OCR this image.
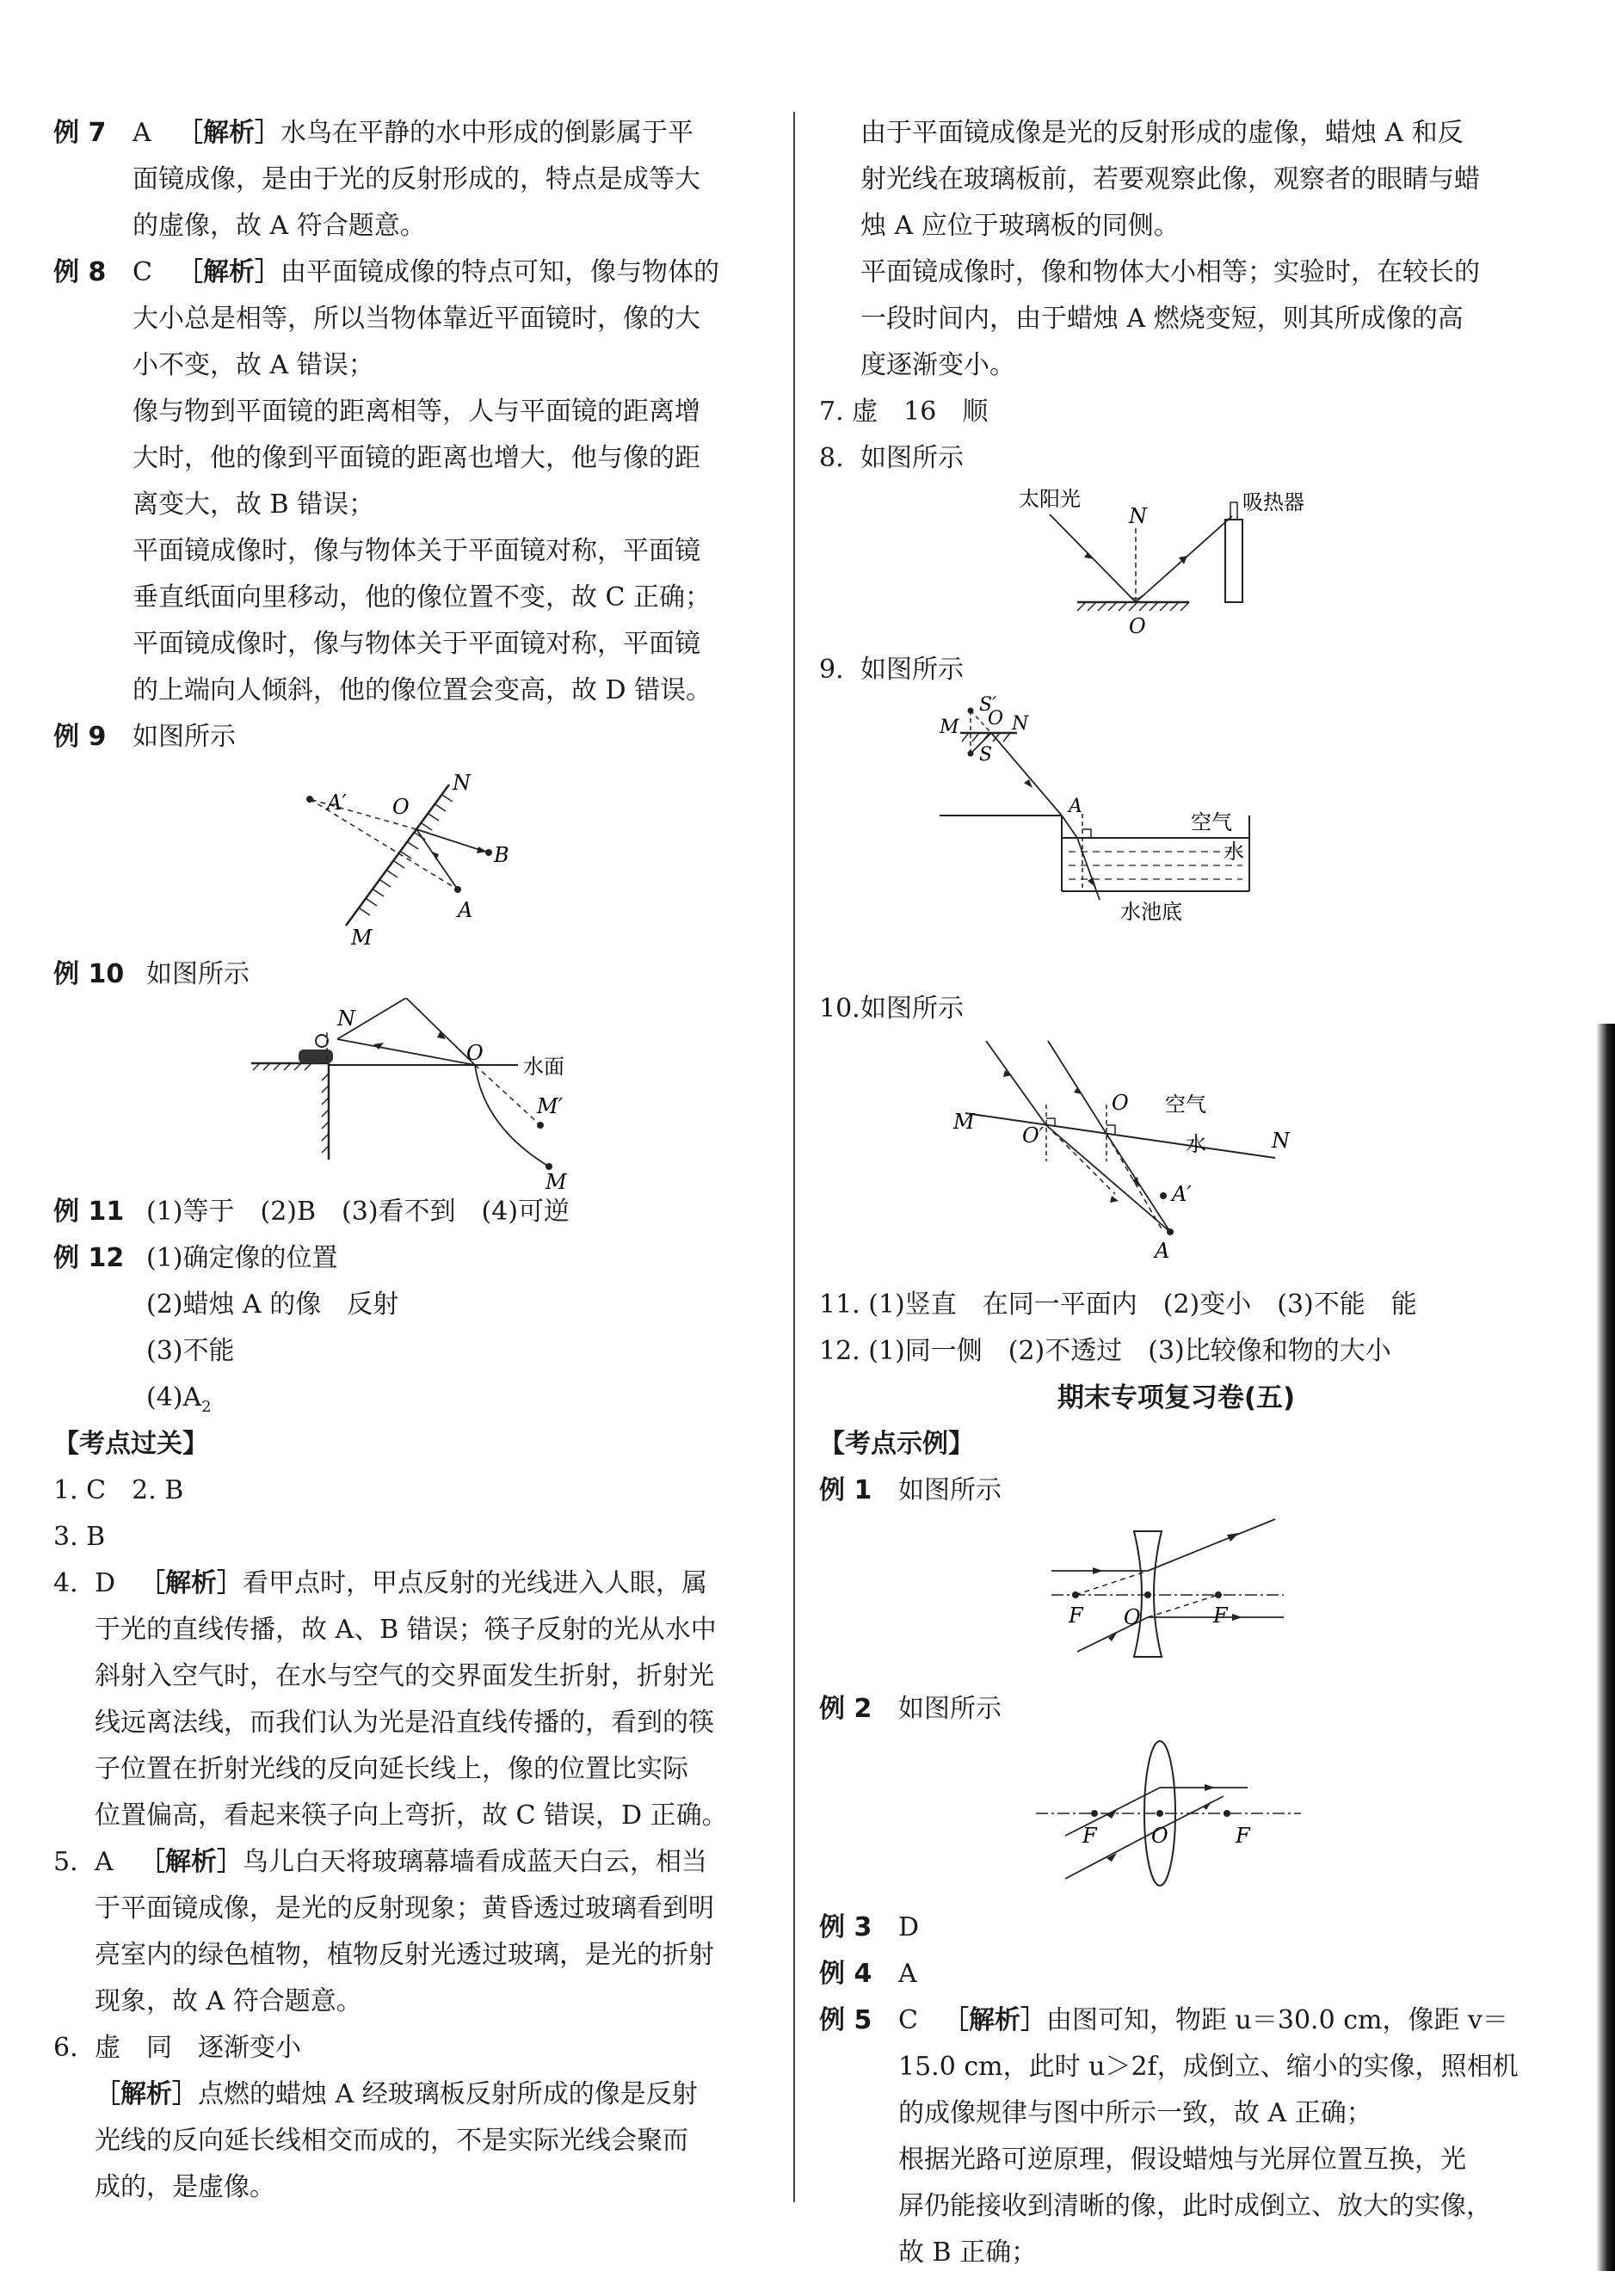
例 7 A ［解析］水鸟在平静的水中形成的倒影属于平
面镜成像，是由于光的反射形成的，特点是成等大
的虚像，故 A 符合题意。
例 8 C ［解析］由平面镜成像的特点可知，像与物体的
大小总是相等，所以当物体靠近平面镜时，像的大
小不变，故 A 错误；
像与物到平面镜的距离相等，人与平面镜的距离增
大时，他的像到平面镜的距离也增大，他与像的距
离变大，故 B 错误；
平面镜成像时，像与物体关于平面镜对称，平面镜
垂直纸面向里移动，他的像位置不变，故 C 正确；
平面镜成像时，像与物体关于平面镜对称，平面镜
的上端向人倾斜，他的像位置会变高，故 D 错误。
例 9 如图所示
A′ O
N
B
A
M
例 10 如图所示
N
O
水面
M′
M
例 11 (1)等于　(2)B　(3)看不到　(4)可逆
例 12 (1)确定像的位置
(2)蜡烛 A 的像　反射
(3)不能
$(4)A_2$
【考点过关】
1. C　2. B
3. B
4. D ［解析］看甲点时，甲点反射的光线进入人眼，属
于光的直线传播，故 A、B 错误；筷子反射的光从水中
斜射入空气时，在水与空气的交界面发生折射，折射光
线远离法线，而我们认为光是沿直线传播的，看到的筷
子位置在折射光线的反向延长线上，像的位置比实际
位置偏高，看起来筷子向上弯折，故 C 错误，D 正确。
5. A ［解析］鸟儿白天将玻璃幕墙看成蓝天白云，相当
于平面镜成像，是光的反射现象；黄昏透过玻璃看到明
亮室内的绿色植物，植物反射光透过玻璃，是光的折射
现象，故 A 符合题意。
6. 虚　同　逐渐变小
［解析］点燃的蜡烛 A 经玻璃板反射所成的像是反射
光线的反向延长线相交而成的，不是实际光线会聚而
成的，是虚像。
由于平面镜成像是光的反射形成的虚像，蜡烛 A 和反
射光线在玻璃板前，若要观察此像，观察者的眼睛与蜡
烛 A 应位于玻璃板的同侧。
平面镜成像时，像和物体大小相等；实验时，在较长的
一段时间内，由于蜡烛 A 燃烧变短，则其所成像的高
度逐渐变小。
7. 虚　16　顺
8. 如图所示
太阳光
N
吸热器
O
9. 如图所示
S′
M O N
S
A
空气
水
水池底
10.如图所示
O 空气
M
O′	水	N
A′
A
11. (1)竖直　在同一平面内　(2)变小　(3)不能　能
12. (1)同一侧　(2)不透过　(3)比较像和物的大小
期末专项复习卷(五)
【考点示例】
例 1 如图所示
F O	F
例 2 如图所示
F	O	F
例 3 D
例 4 A
例 5 C ［解析］由图可知，物距 u＝30.0 cm，像距 v＝
15.0 cm，此时 u＞2f，成倒立、缩小的实像，照相机
的成像规律与图中所示一致，故 A 正确；
根据光路可逆原理，假设蜡烛与光屏位置互换，光
屏仍能接收到清晰的像，此时成倒立、放大的实像，
故 B 正确；
